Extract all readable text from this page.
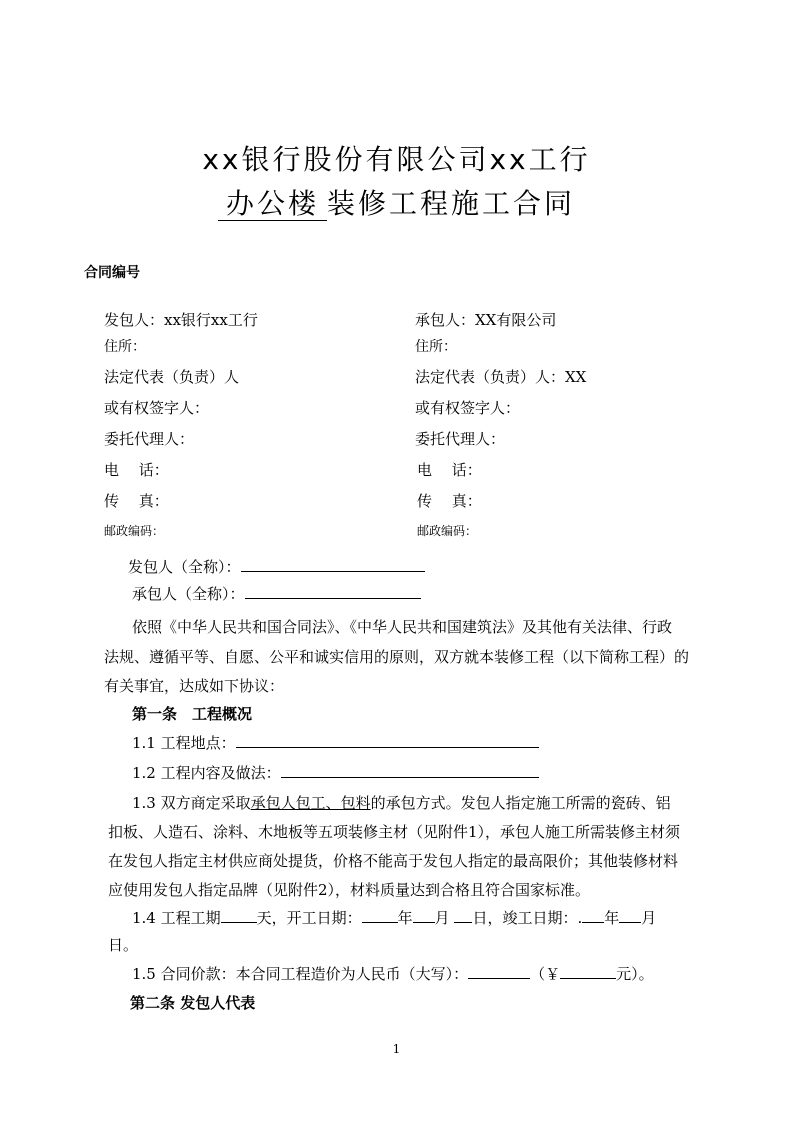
xx银行股份有限公司xx工行
办公楼 装修工程施工合同
合同编号
发包人：xx银行xx工行
住所：
法定代表（负责）人
或有权签字人：
委托代理人：
电　 话：
传　 真：
邮政编码：
承包人：XX有限公司
住所：
法定代表（负责）人：XX
或有权签字人：
委托代理人：
电　 话：
传　 真：
邮政编码：
发包人（全称）：
承包人（全称）：
依照《中华人民共和国合同法》、《中华人民共和国建筑法》及其他有关法律、行政
法规、遵循平等、自愿、公平和诚实信用的原则，双方就本装修工程（以下简称工程）的
有关事宜，达成如下协议：
第一条　工程概况
1.1 工程地点：
1.2 工程内容及做法：
1.3 双方商定采取承包人包工、包料的承包方式。发包人指定施工所需的瓷砖、铝
扣板、人造石、涂料、木地板等五项装修主材（见附件1），承包人施工所需装修主材须
在发包人指定主材供应商处提货，价格不能高于发包人指定的最高限价；其他装修材料
应使用发包人指定品牌（见附件2），材料质量达到合格且符合国家标准。
1.4 工程工期 天，开工日期： 年 月 日，竣工日期：. 年 月
日。
1.5 合同价款：本合同工程造价为人民币（大写）：	（￥	元）。
第二条 发包人代表
1
